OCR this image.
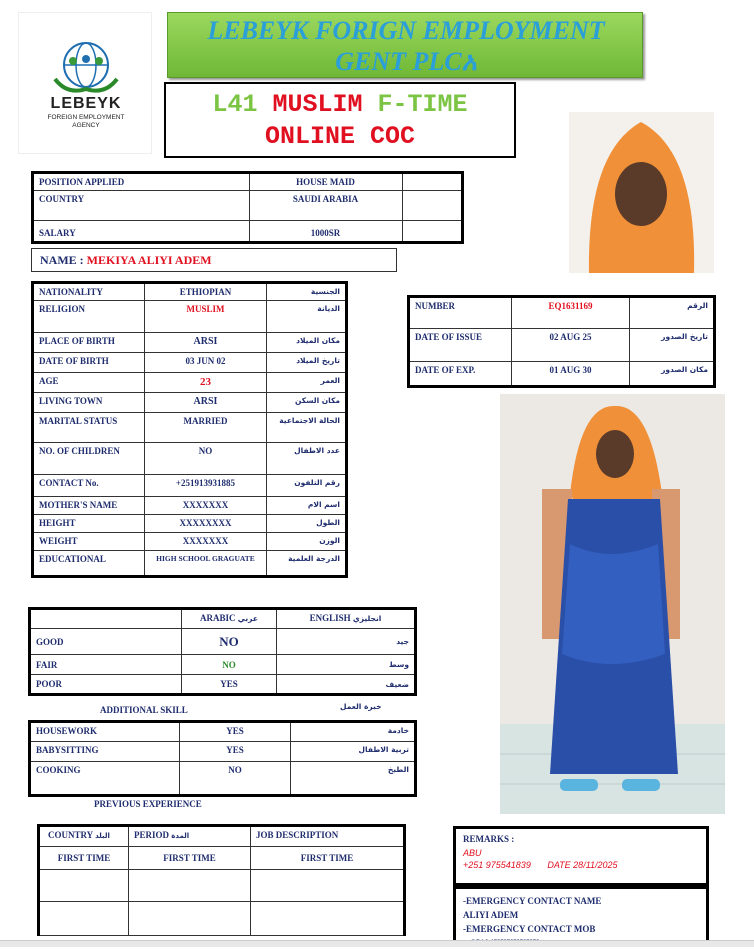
LEBEYK
FOREIGN EMPLOYMENT
AGENCY
LEBEYK FORIGN EMPLOYMENT
GENT PLCአ
L41 MUSLIM F-TIME
ONLINE COC
POSITION APPLIED	HOUSE MAID	
COUNTRY	SAUDI ARABIA	
SALARY	1000SR	
NAME : MEKIYA ALIYI ADEM
NATIONALITY	ETHIOPIAN	الجنسية
RELIGION	MUSLIM	الديانة
PLACE OF BIRTH	ARSI	مكان الميلاد
DATE OF BIRTH	03 JUN 02	تاريخ الميلاد
AGE	23	العمر
LIVING TOWN	ARSI	مكان السكن
MARITAL STATUS	MARRIED	الحالة الاجتماعية
NO. OF CHILDREN	NO	عدد الاطفال
CONTACT No.	+251913931885	رقم التلفون
MOTHER'S NAME	XXXXXXX	اسم الام
HEIGHT	XXXXXXXX	الطول
WEIGHT	XXXXXXX	الوزن
EDUCATIONAL	HIGH SCHOOL GRAGUATE	الدرجة العلمية
NUMBER	EQ1631169	الرقم
DATE OF ISSUE	02 AUG 25	تاريخ الصدور
DATE OF EXP.	01 AUG 30	مكان الصدور
	ARABIC عربي	ENGLISH انجليزي
GOOD	NO	جيد
FAIR	NO	وسط
POOR	YES	ضعيف
ADDITIONAL SKILL	خبرة العمل
HOUSEWORK	YES	خادمة
BABYSITTING	YES	تربية الاطفال
COOKING	NO	الطبخ
PREVIOUS EXPERIENCE
COUNTRY البلد	PERIOD المدة	JOB DESCRIPTION
FIRST TIME	FIRST TIME	FIRST TIME

REMARKS :
ABU
+251 975541839 DATE 28/11/2025
-EMERGENCY CONTACT NAME
ALIYI ADEM
-EMERGENCY CONTACT MOB
